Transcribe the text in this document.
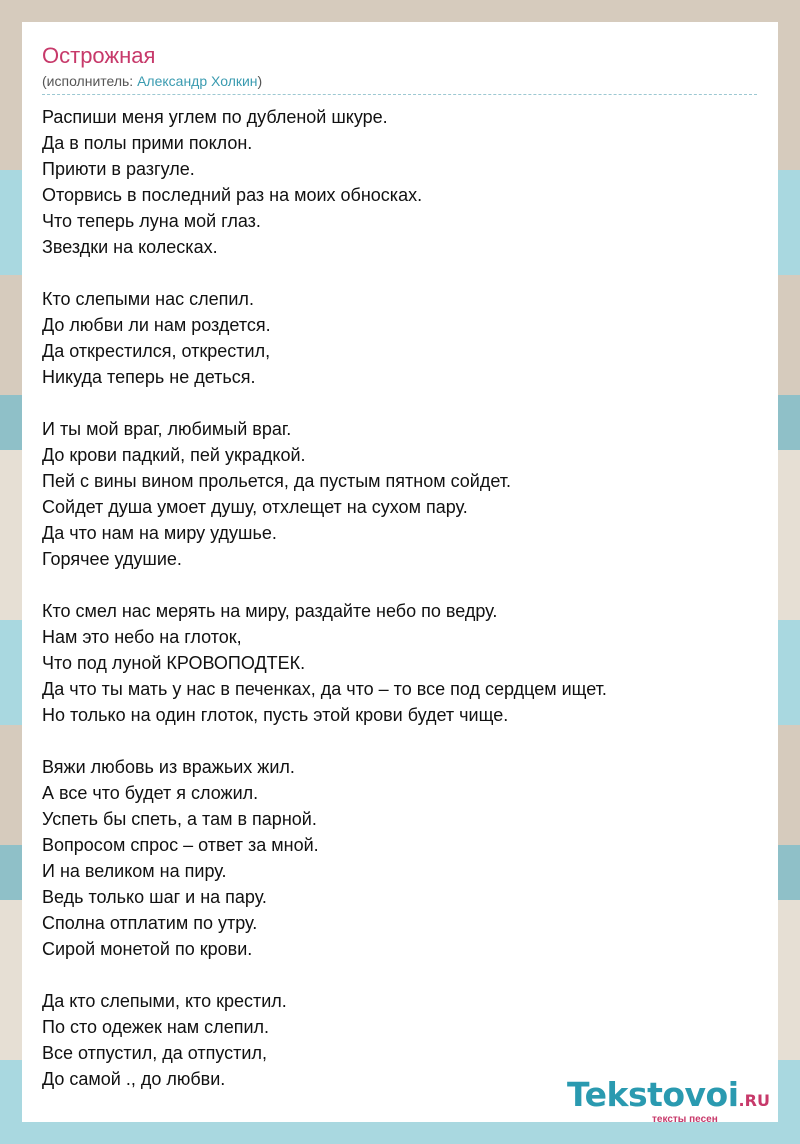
Острожная
(исполнитель: Александр Холкин)
Распиши меня углем по дубленой шкуре.
Да в полы прими поклон.
Приюти в разгуле.
Оторвись в последний раз на моих обносках.
Что теперь луна мой глаз.
Звездки на колесках.
Кто слепыми нас слепил.
До любви ли нам роздется.
Да открестился, открестил,
Никуда теперь не деться.
И ты мой враг, любимый враг.
До крови падкий, пей украдкой.
Пей с вины вином прольется, да пустым пятном сойдет.
Сойдет душа умоет душу, отхлещет на сухом пару.
Да что нам на миру удушье.
Горячее удушие.
Кто смел нас мерять на миру, раздайте небо по ведру.
Нам это небо на глоток,
Что под луной КРОВОПОДТЕК.
Да что ты мать у нас в печенках, да что – то все под сердцем ищет.
Но только на один глоток, пусть этой крови будет чище.
Вяжи любовь из вражьих жил.
А все что будет я сложил.
Успеть бы спеть, а там в парной.
Вопросом спрос – ответ за мной.
И на великом на пиру.
Ведь только шаг и на пару.
Сполна отплатим по утру.
Сирой монетой по крови.
Да кто слепыми, кто крестил.
По сто одежек нам слепил.
Все отпустил, да отпустил,
До самой ., до любви.	Tekstovoi.RU
тексты песен
